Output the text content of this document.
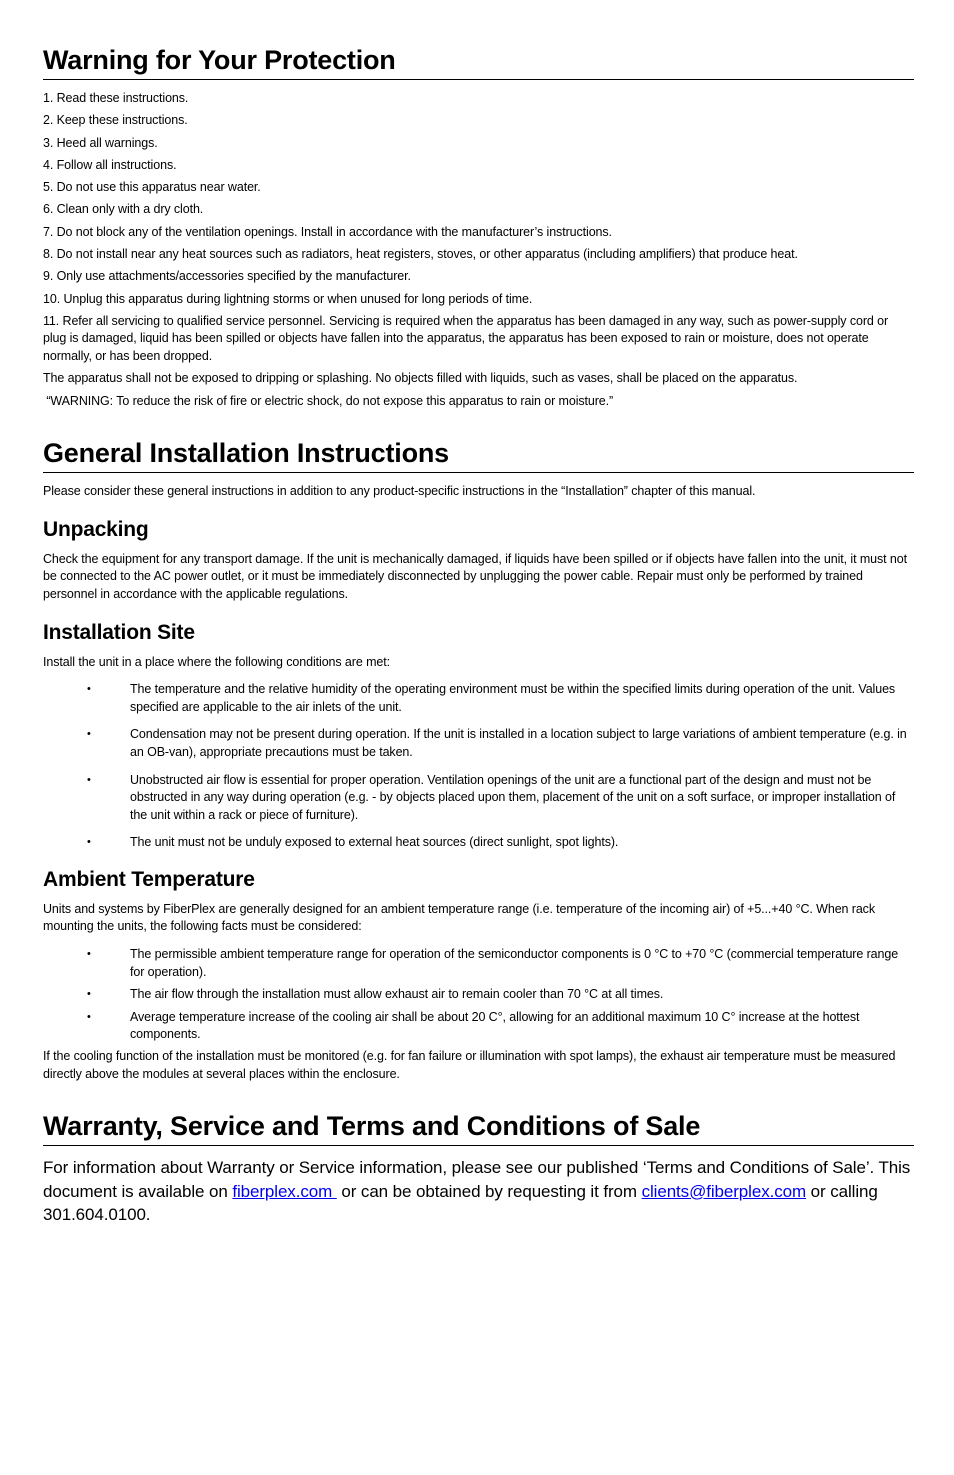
Warning for Your Protection

1. Read these instructions.

2. Keep these instructions.

3. Heed all warnings.

4. Follow all instructions.

5. Do not use this apparatus near water.

6. Clean only with a dry cloth.

7. Do not block any of the ventilation openings. Install in accordance with the manufacturer’s instructions.

8. Do not install near any heat sources such as radiators, heat registers, stoves, or other apparatus (including amplifiers) that produce heat.

9. Only use attachments/accessories specified by the manufacturer.

10. Unplug this apparatus during lightning storms or when unused for long periods of time.

11. Refer all servicing to qualified service personnel. Servicing is required when the apparatus has been damaged in any way, such as power-supply cord or plug is damaged, liquid has been spilled or objects have fallen into the apparatus, the apparatus has been exposed to rain or moisture, does not operate normally, or has been dropped.

The apparatus shall not be exposed to dripping or splashing. No objects filled with liquids, such as vases, shall be placed on the apparatus.

“WARNING: To reduce the risk of fire or electric shock, do not expose this apparatus to rain or moisture.”

General Installation Instructions

Please consider these general instructions in addition to any product-specific instructions in the “Installation” chapter of this manual.

Unpacking

Check the equipment for any transport damage. If the unit is mechanically damaged, if liquids have been spilled or if objects have fallen into the unit, it must not be connected to the AC power outlet, or it must be immediately disconnected by unplugging the power cable. Repair must only be performed by trained personnel in accordance with the applicable regulations.

Installation Site

Install the unit in a place where the following conditions are met:

•	The temperature and the relative humidity of the operating environment must be within the specified limits during operation of the unit. Values specified are applicable to the air inlets of the unit.
•	Condensation may not be present during operation. If the unit is installed in a location subject to large variations of ambient temperature (e.g. in an OB-van), appropriate precautions must be taken.
•	Unobstructed air flow is essential for proper operation. Ventilation openings of the unit are a functional part of the design and must not be obstructed in any way during operation (e.g. - by objects placed upon them, placement of the unit on a soft surface, or improper installation of the unit within a rack or piece of furniture).
•	The unit must not be unduly exposed to external heat sources (direct sunlight, spot lights).
Ambient Temperature

Units and systems by FiberPlex are generally designed for an ambient temperature range (i.e. temperature of the incoming air) of +5...+40 °C. When rack mounting the units, the following facts must be considered:

•	The permissible ambient temperature range for operation of the semiconductor components is 0 °C to +70 °C (commercial temperature range for operation).
•	The air flow through the installation must allow exhaust air to remain cooler than 70 °C at all times.
•	Average temperature increase of the cooling air shall be about 20 C°, allowing for an additional maximum 10 C° increase at the hottest components.

If the cooling function of the installation must be monitored (e.g. for fan failure or illumination with spot lamps), the exhaust air temperature must be measured directly above the modules at several places within the enclosure.

Warranty, Service and Terms and Conditions of Sale

For information about Warranty or Service information, please see our published ‘Terms and Conditions of Sale’. This document is available on fiberplex.com  or can be obtained by requesting it from clients@fiberplex.com or calling 301.604.0100.
